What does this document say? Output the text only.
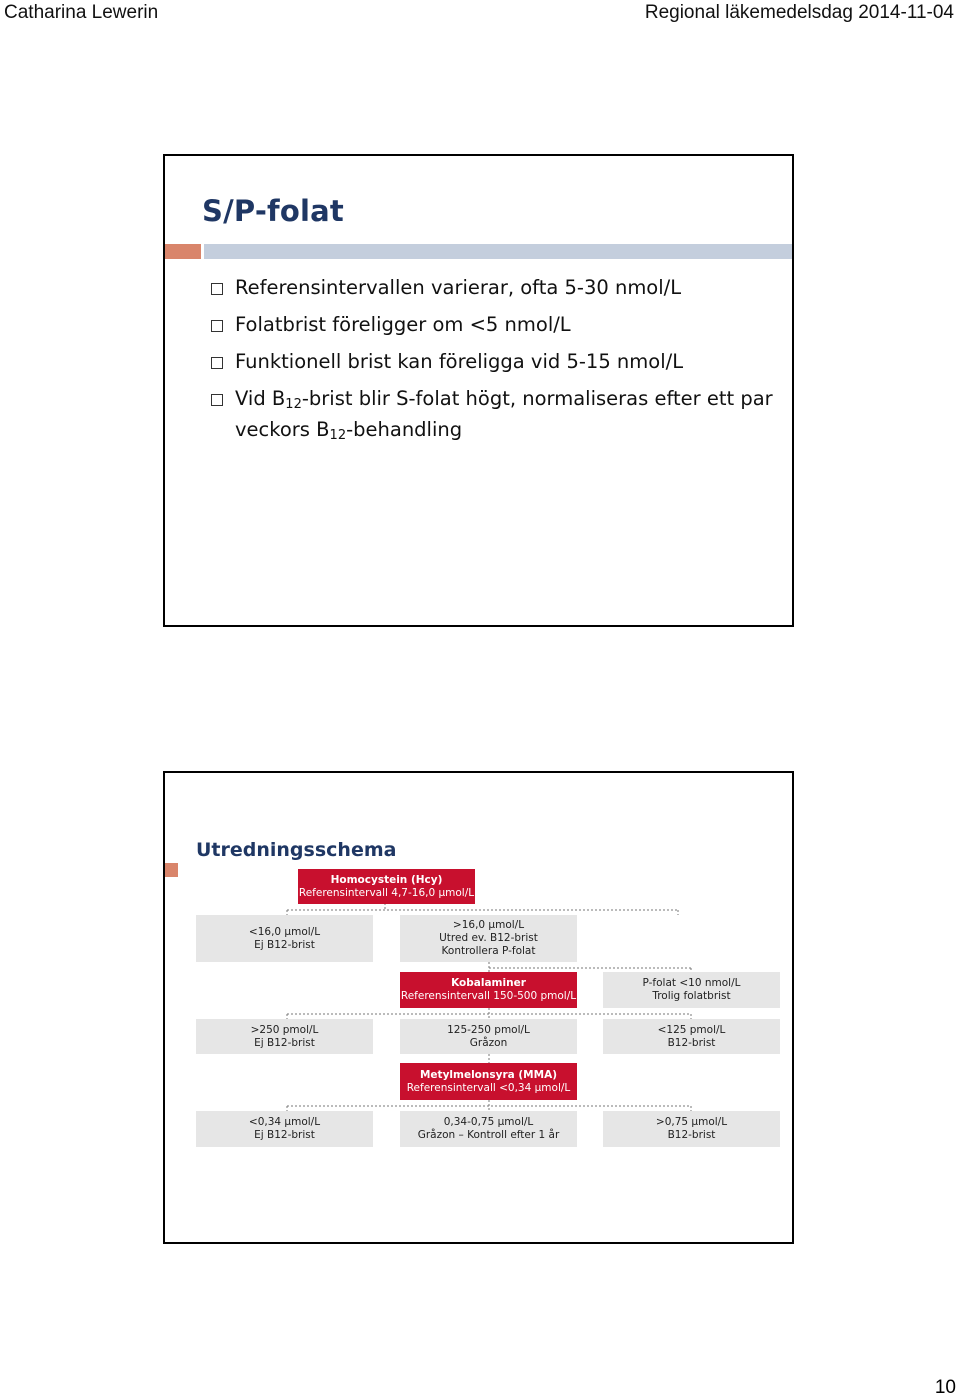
Catharina Lewerin	Regional läkemedelsdag 2014-11-04
S/P-folat
Referensintervallen varierar, ofta 5-30 nmol/L
Folatbrist föreligger om <5 nmol/L
Funktionell brist kan föreligga vid 5-15 nmol/L
Vid $B_{12}$-brist blir S-folat högt, normaliseras efter ett par veckors $B_{12}$-behandling
Utredningsschema
Homocystein (Hcy)
Referensintervall 4,7-16,0 µmol/L
<16,0 µmol/L
Ej B12-brist
>16,0 µmol/L
Utred ev. B12-brist
Kontrollera P-folat
Kobalaminer
Referensintervall 150-500 pmol/L
P-folat <10 nmol/L
Trolig folatbrist
>250 pmol/L
Ej B12-brist
125-250 pmol/L
Gråzon
<125 pmol/L
B12-brist
Metylmelonsyra (MMA)
Referensintervall <0,34 µmol/L
<0,34 µmol/L
Ej B12-brist
0,34-0,75 µmol/L
Gråzon – Kontroll efter 1 år
>0,75 µmol/L
B12-brist
10
